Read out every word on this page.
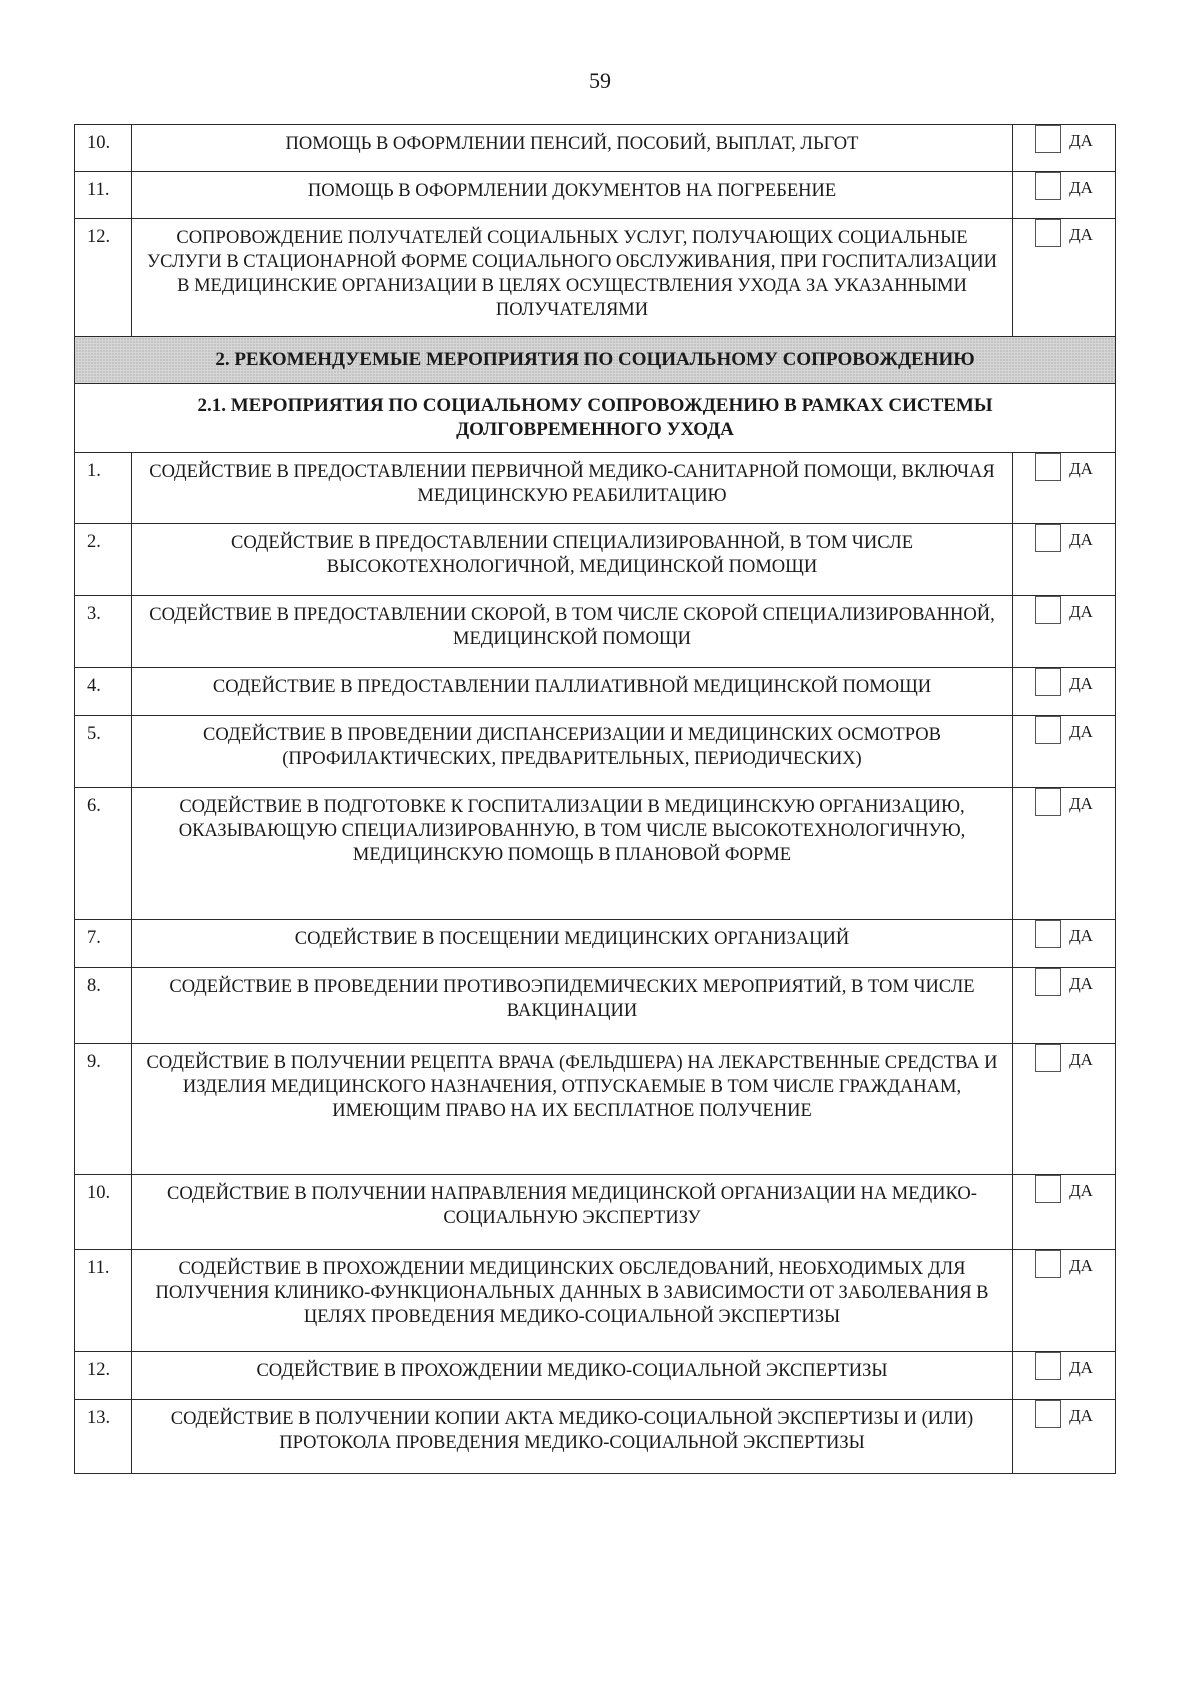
59
10.	ПОМОЩЬ В ОФОРМЛЕНИИ ПЕНСИЙ, ПОСОБИЙ, ВЫПЛАТ, ЛЬГОТ	ДА

11.	ПОМОЩЬ В ОФОРМЛЕНИИ ДОКУМЕНТОВ НА ПОГРЕБЕНИЕ	ДА

12.	СОПРОВОЖДЕНИЕ ПОЛУЧАТЕЛЕЙ СОЦИАЛЬНЫХ УСЛУГ, ПОЛУЧАЮЩИХ СОЦИАЛЬНЫЕ УСЛУГИ В СТАЦИОНАРНОЙ ФОРМЕ СОЦИАЛЬНОГО ОБСЛУЖИВАНИЯ, ПРИ ГОСПИТАЛИЗАЦИИ В МЕДИЦИНСКИЕ ОРГАНИЗАЦИИ В ЦЕЛЯХ ОСУЩЕСТВЛЕНИЯ УХОДА ЗА УКАЗАННЫМИ ПОЛУЧАТЕЛЯМИ	ДА

2. РЕКОМЕНДУЕМЫЕ МЕРОПРИЯТИЯ ПО СОЦИАЛЬНОМУ СОПРОВОЖДЕНИЮ		
2.1. МЕРОПРИЯТИЯ ПО СОЦИАЛЬНОМУ СОПРОВОЖДЕНИЮ В РАМКАХ СИСТЕМЫ ДОЛГОВРЕМЕННОГО УХОДА		
1.	СОДЕЙСТВИЕ В ПРЕДОСТАВЛЕНИИ ПЕРВИЧНОЙ МЕДИКО-САНИТАРНОЙ ПОМОЩИ, ВКЛЮЧАЯ МЕДИЦИНСКУЮ РЕАБИЛИТАЦИЮ	ДА

2.	СОДЕЙСТВИЕ В ПРЕДОСТАВЛЕНИИ СПЕЦИАЛИЗИРОВАННОЙ, В ТОМ ЧИСЛЕ ВЫСОКОТЕХНОЛОГИЧНОЙ, МЕДИЦИНСКОЙ ПОМОЩИ	ДА

3.	СОДЕЙСТВИЕ В ПРЕДОСТАВЛЕНИИ СКОРОЙ, В ТОМ ЧИСЛЕ СКОРОЙ СПЕЦИАЛИЗИРОВАННОЙ, МЕДИЦИНСКОЙ ПОМОЩИ	ДА

4.	СОДЕЙСТВИЕ В ПРЕДОСТАВЛЕНИИ ПАЛЛИАТИВНОЙ МЕДИЦИНСКОЙ ПОМОЩИ	ДА

5.	СОДЕЙСТВИЕ В ПРОВЕДЕНИИ ДИСПАНСЕРИЗАЦИИ И МЕДИЦИНСКИХ ОСМОТРОВ (ПРОФИЛАКТИЧЕСКИХ, ПРЕДВАРИТЕЛЬНЫХ, ПЕРИОДИЧЕСКИХ)	ДА

6.	СОДЕЙСТВИЕ В ПОДГОТОВКЕ К ГОСПИТАЛИЗАЦИИ В МЕДИЦИНСКУЮ ОРГАНИЗАЦИЮ, ОКАЗЫВАЮЩУЮ СПЕЦИАЛИЗИРОВАННУЮ, В ТОМ ЧИСЛЕ ВЫСОКОТЕХНОЛОГИЧНУЮ, МЕДИЦИНСКУЮ ПОМОЩЬ В ПЛАНОВОЙ ФОРМЕ	ДА

7.	СОДЕЙСТВИЕ В ПОСЕЩЕНИИ МЕДИЦИНСКИХ ОРГАНИЗАЦИЙ	ДА

8.	СОДЕЙСТВИЕ В ПРОВЕДЕНИИ ПРОТИВОЭПИДЕМИЧЕСКИХ МЕРОПРИЯТИЙ, В ТОМ ЧИСЛЕ ВАКЦИНАЦИИ	ДА

9.	СОДЕЙСТВИЕ В ПОЛУЧЕНИИ РЕЦЕПТА ВРАЧА (ФЕЛЬДШЕРА) НА ЛЕКАРСТВЕННЫЕ СРЕДСТВА И ИЗДЕЛИЯ МЕДИЦИНСКОГО НАЗНАЧЕНИЯ, ОТПУСКАЕМЫЕ В ТОМ ЧИСЛЕ ГРАЖДАНАМ, ИМЕЮЩИМ ПРАВО НА ИХ БЕСПЛАТНОЕ ПОЛУЧЕНИЕ	ДА

10.	СОДЕЙСТВИЕ В ПОЛУЧЕНИИ НАПРАВЛЕНИЯ МЕДИЦИНСКОЙ ОРГАНИЗАЦИИ НА МЕДИКО-СОЦИАЛЬНУЮ ЭКСПЕРТИЗУ	ДА

11.	СОДЕЙСТВИЕ В ПРОХОЖДЕНИИ МЕДИЦИНСКИХ ОБСЛЕДОВАНИЙ, НЕОБХОДИМЫХ ДЛЯ ПОЛУЧЕНИЯ КЛИНИКО-ФУНКЦИОНАЛЬНЫХ ДАННЫХ В ЗАВИСИМОСТИ ОТ ЗАБОЛЕВАНИЯ В ЦЕЛЯХ ПРОВЕДЕНИЯ МЕДИКО-СОЦИАЛЬНОЙ ЭКСПЕРТИЗЫ	ДА

12.	СОДЕЙСТВИЕ В ПРОХОЖДЕНИИ МЕДИКО-СОЦИАЛЬНОЙ ЭКСПЕРТИЗЫ	ДА

13.	СОДЕЙСТВИЕ В ПОЛУЧЕНИИ КОПИИ АКТА МЕДИКО-СОЦИАЛЬНОЙ ЭКСПЕРТИЗЫ И (ИЛИ) ПРОТОКОЛА ПРОВЕДЕНИЯ МЕДИКО-СОЦИАЛЬНОЙ ЭКСПЕРТИЗЫ	ДА
